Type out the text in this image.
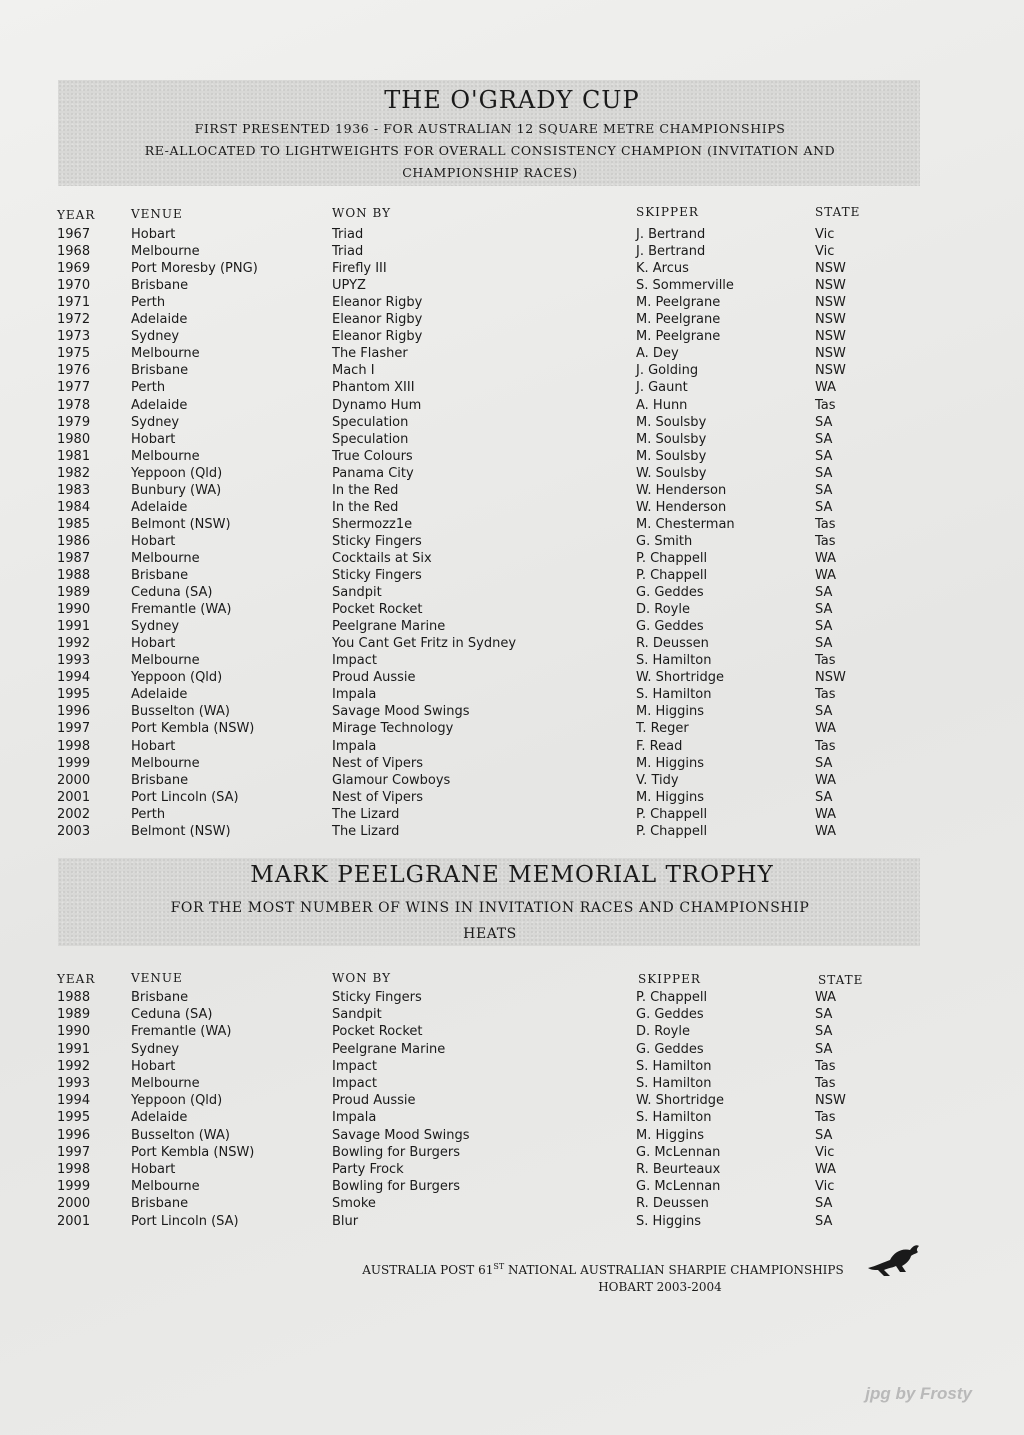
THE O'GRADY CUP
FIRST PRESENTED 1936 - FOR AUSTRALIAN 12 SQUARE METRE CHAMPIONSHIPS
RE-ALLOCATED TO LIGHTWEIGHTS FOR OVERALL CONSISTENCY CHAMPION (INVITATION AND
CHAMPIONSHIP RACES)
YEAR	VENUE	WON BY	SKIPPER	STATE
1967	Hobart	Triad	J. Bertrand	Vic
1968	Melbourne	Triad	J. Bertrand	Vic
1969	Port Moresby (PNG)	Firefly III	K. Arcus	NSW
1970	Brisbane	UPYZ	S. Sommerville	NSW
1971	Perth	Eleanor Rigby	M. Peelgrane	NSW
1972	Adelaide	Eleanor Rigby	M. Peelgrane	NSW
1973	Sydney	Eleanor Rigby	M. Peelgrane	NSW
1975	Melbourne	The Flasher	A. Dey	NSW
1976	Brisbane	Mach I	J. Golding	NSW
1977	Perth	Phantom XIII	J. Gaunt	WA
1978	Adelaide	Dynamo Hum	A. Hunn	Tas
1979	Sydney	Speculation	M. Soulsby	SA
1980	Hobart	Speculation	M. Soulsby	SA
1981	Melbourne	True Colours	M. Soulsby	SA
1982	Yeppoon (Qld)	Panama City	W. Soulsby	SA
1983	Bunbury (WA)	In the Red	W. Henderson	SA
1984	Adelaide	In the Red	W. Henderson	SA
1985	Belmont (NSW)	Shermozz1e	M. Chesterman	Tas
1986	Hobart	Sticky Fingers	G. Smith	Tas
1987	Melbourne	Cocktails at Six	P. Chappell	WA
1988	Brisbane	Sticky Fingers	P. Chappell	WA
1989	Ceduna (SA)	Sandpit	G. Geddes	SA
1990	Fremantle (WA)	Pocket Rocket	D. Royle	SA
1991	Sydney	Peelgrane Marine	G. Geddes	SA
1992	Hobart	You Cant Get Fritz in Sydney	R. Deussen	SA
1993	Melbourne	Impact	S. Hamilton	Tas
1994	Yeppoon (Qld)	Proud Aussie	W. Shortridge	NSW
1995	Adelaide	Impala	S. Hamilton	Tas
1996	Busselton (WA)	Savage Mood Swings	M. Higgins	SA
1997	Port Kembla (NSW)	Mirage Technology	T. Reger	WA
1998	Hobart	Impala	F. Read	Tas
1999	Melbourne	Nest of Vipers	M. Higgins	SA
2000	Brisbane	Glamour Cowboys	V. Tidy	WA
2001	Port Lincoln (SA)	Nest of Vipers	M. Higgins	SA
2002	Perth	The Lizard	P. Chappell	WA
2003	Belmont (NSW)	The Lizard	P. Chappell	WA
MARK PEELGRANE MEMORIAL TROPHY
FOR THE MOST NUMBER OF WINS IN INVITATION RACES AND CHAMPIONSHIP
HEATS
YEAR	VENUE	WON BY	SKIPPER	STATE
1988	Brisbane	Sticky Fingers	P. Chappell	WA
1989	Ceduna (SA)	Sandpit	G. Geddes	SA
1990	Fremantle (WA)	Pocket Rocket	D. Royle	SA
1991	Sydney	Peelgrane Marine	G. Geddes	SA
1992	Hobart	Impact	S. Hamilton	Tas
1993	Melbourne	Impact	S. Hamilton	Tas
1994	Yeppoon (Qld)	Proud Aussie	W. Shortridge	NSW
1995	Adelaide	Impala	S. Hamilton	Tas
1996	Busselton (WA)	Savage Mood Swings	M. Higgins	SA
1997	Port Kembla (NSW)	Bowling for Burgers	G. McLennan	Vic
1998	Hobart	Party Frock	R. Beurteaux	WA
1999	Melbourne	Bowling for Burgers	G. McLennan	Vic
2000	Brisbane	Smoke	R. Deussen	SA
2001	Port Lincoln (SA)	Blur	S. Higgins	SA
AUSTRALIA POST 61ST NATIONAL AUSTRALIAN SHARPIE CHAMPIONSHIPS
HOBART 2003-2004
jpg by Frosty
